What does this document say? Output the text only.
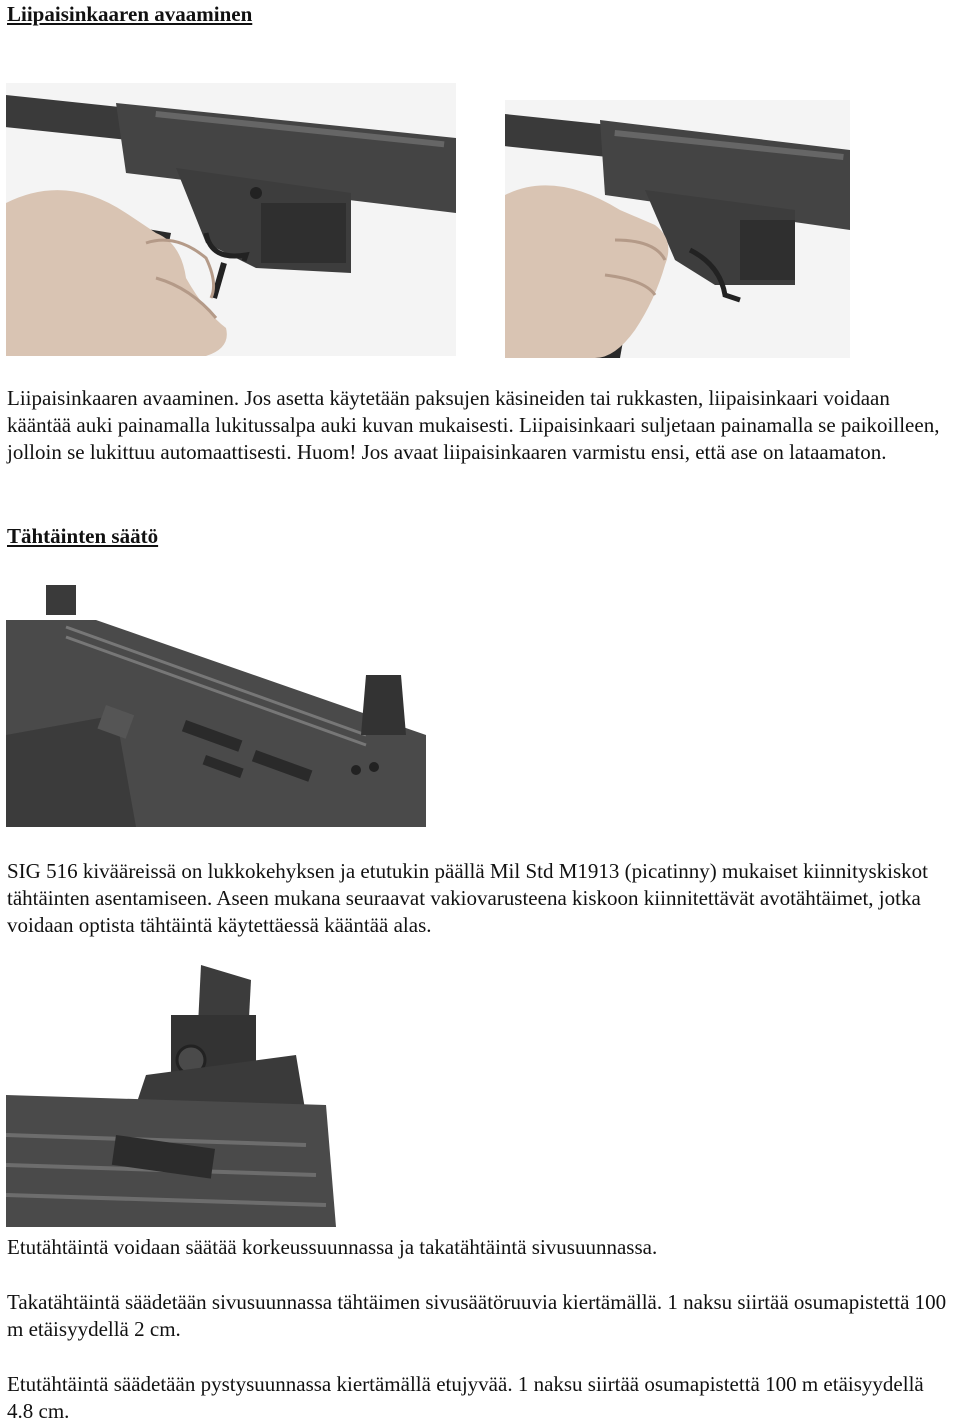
Liipaisinkaaren avaaminen

Liipaisinkaaren avaaminen. Jos asetta käytetään paksujen käsineiden tai rukkasten, liipaisinkaari voidaan kääntää auki painamalla lukitussalpa auki kuvan mukaisesti. Liipaisinkaari suljetaan painamalla se paikoilleen, jolloin se lukittuu automaattisesti. Huom! Jos avaat liipaisinkaaren varmistu ensi, että ase on lataamaton.

Tähtäinten säätö

SIG 516 kivääreissä on lukkokehyksen ja etutukin päällä Mil Std M1913 (picatinny) mukaiset kiinnityskiskot tähtäinten asentamiseen. Aseen mukana seuraavat vakiovarusteena kiskoon kiinnitettävät avotähtäimet, jotka voidaan optista tähtäintä käytettäessä kääntää alas.

Etutähtäintä voidaan säätää korkeussuunnassa ja takatähtäintä sivusuunnassa.

Takatähtäintä säädetään sivusuunnassa tähtäimen sivusäätöruuvia kiertämällä. 1 naksu siirtää osumapistettä 100 m etäisyydellä 2 cm.

Etutähtäintä säädetään pystysuunnassa kiertämällä etujyvää. 1 naksu siirtää osumapistettä 100 m etäisyydellä 4.8 cm.
